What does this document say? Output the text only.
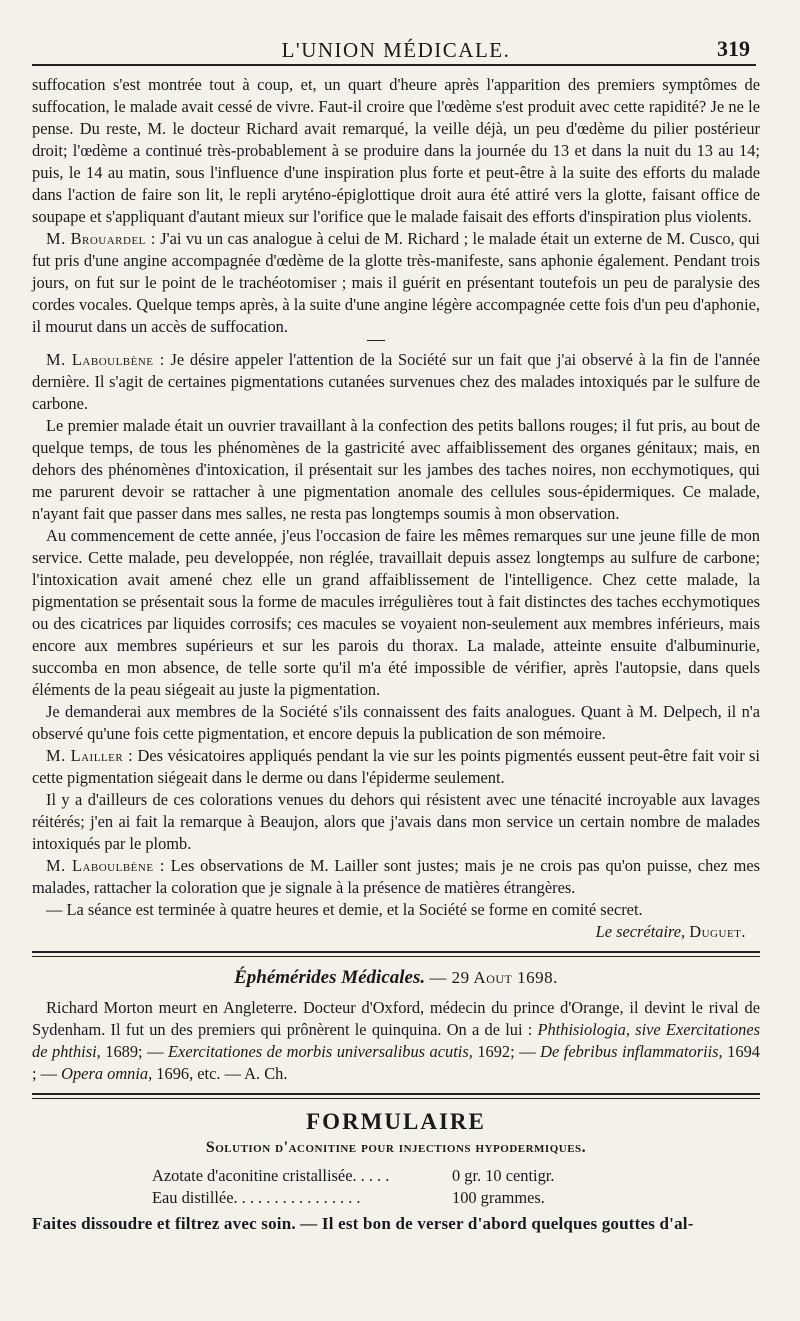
L'UNION MÉDICALE.	319

suffocation s'est montrée tout à coup, et, un quart d'heure après l'apparition des premiers symptômes de suffocation, le malade avait cessé de vivre. Faut-il croire que l'œdème s'est produit avec cette rapidité? Je ne le pense. Du reste, M. le docteur Richard avait remarqué, la veille déjà, un peu d'œdème du pilier postérieur droit; l'œdème a continué très-probablement à se produire dans la journée du 13 et dans la nuit du 13 au 14; puis, le 14 au matin, sous l'influence d'une inspiration plus forte et peut-être à la suite des efforts du malade dans l'action de faire son lit, le repli aryténo-épiglottique droit aura été attiré vers la glotte, faisant office de soupape et s'appliquant d'autant mieux sur l'orifice que le malade faisait des efforts d'inspiration plus violents.

M. Brouardel : J'ai vu un cas analogue à celui de M. Richard ; le malade était un externe de M. Cusco, qui fut pris d'une angine accompagnée d'œdème de la glotte très-manifeste, sans aphonie également. Pendant trois jours, on fut sur le point de le trachéotomiser ; mais il guérit en présentant toutefois un peu de paralysie des cordes vocales. Quelque temps après, à la suite d'une angine légère accompagnée cette fois d'un peu d'aphonie, il mourut dans un accès de suffocation.

M. Laboulbène : Je désire appeler l'attention de la Société sur un fait que j'ai observé à la fin de l'année dernière. Il s'agit de certaines pigmentations cutanées survenues chez des malades intoxiqués par le sulfure de carbone.

Le premier malade était un ouvrier travaillant à la confection des petits ballons rouges; il fut pris, au bout de quelque temps, de tous les phénomènes de la gastricité avec affaiblissement des organes génitaux; mais, en dehors des phénomènes d'intoxication, il présentait sur les jambes des taches noires, non ecchymotiques, qui me parurent devoir se rattacher à une pigmentation anomale des cellules sous-épidermiques. Ce malade, n'ayant fait que passer dans mes salles, ne resta pas longtemps soumis à mon observation.

Au commencement de cette année, j'eus l'occasion de faire les mêmes remarques sur une jeune fille de mon service. Cette malade, peu developpée, non réglée, travaillait depuis assez longtemps au sulfure de carbone; l'intoxication avait amené chez elle un grand affaiblissement de l'intelligence. Chez cette malade, la pigmentation se présentait sous la forme de macules irrégulières tout à fait distinctes des taches ecchymotiques ou des cicatrices par liquides corrosifs; ces macules se voyaient non-seulement aux membres inférieurs, mais encore aux membres supérieurs et sur les parois du thorax. La malade, atteinte ensuite d'albuminurie, succomba en mon absence, de telle sorte qu'il m'a été impossible de vérifier, après l'autopsie, dans quels éléments de la peau siégeait au juste la pigmentation.

Je demanderai aux membres de la Société s'ils connaissent des faits analogues. Quant à M. Delpech, il n'a observé qu'une fois cette pigmentation, et encore depuis la publication de son mémoire.

M. Lailler : Des vésicatoires appliqués pendant la vie sur les points pigmentés eussent peut-être fait voir si cette pigmentation siégeait dans le derme ou dans l'épiderme seulement.

Il y a d'ailleurs de ces colorations venues du dehors qui résistent avec une ténacité incroyable aux lavages réitérés; j'en ai fait la remarque à Beaujon, alors que j'avais dans mon service un certain nombre de malades intoxiqués par le plomb.

M. Laboulbène : Les observations de M. Lailler sont justes; mais je ne crois pas qu'on puisse, chez mes malades, rattacher la coloration que je signale à la présence de matières étrangères.

— La séance est terminée à quatre heures et demie, et la Société se forme en comité secret.

Le secrétaire, Duguet.

Éphémérides Médicales. — 29 Aout 1698.

Richard Morton meurt en Angleterre. Docteur d'Oxford, médecin du prince d'Orange, il devint le rival de Sydenham. Il fut un des premiers qui prônèrent le quinquina. On a de lui : Phthisiologia, sive Exercitationes de phthisi, 1689; — Exercitationes de morbis universalibus acutis, 1692; — De febribus inflammatoriis, 1694 ; — Opera omnia, 1696, etc. — A. Ch.

FORMULAIRE
Solution d'aconitine pour injections hypodermiques.
Azotate d'aconitine cristallisée. . . . .	0 gr. 10 centigr.
Eau distillée. . . . . . . . . . . . . . . .	100 grammes.
Faites dissoudre et filtrez avec soin. — Il est bon de verser d'abord quelques gouttes d'al-
